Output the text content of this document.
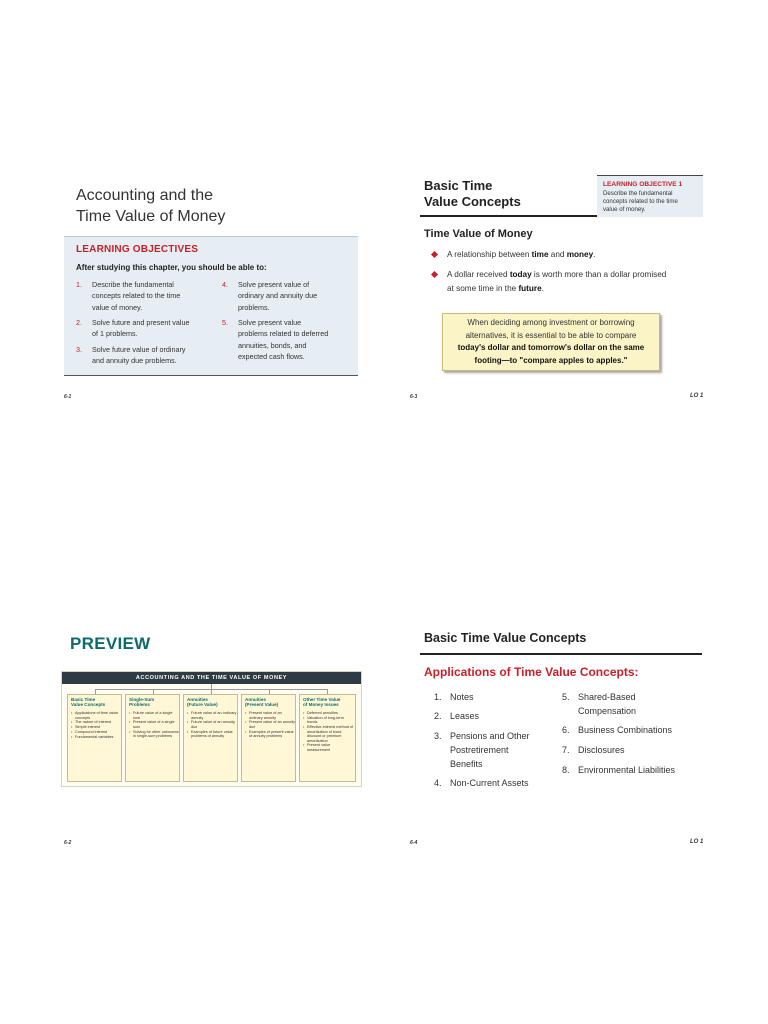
Accounting and the
Time Value of Money
LEARNING OBJECTIVES
After studying this chapter, you should be able to:
1. Describe the fundamental
concepts related to the time
value of money.
2. Solve future and present value
of 1 problems.
3. Solve future value of ordinary
and annuity due problems.
4. Solve present value of
ordinary and annuity due
problems.
5. Solve present value
problems related to deferred
annuities, bonds, and
expected cash flows.
6-1
Basic Time
Value Concepts
LEARNING OBJECTIVE 1
Describe the fundamental
concepts related to the time
value of money.
Time Value of Money
A relationship between time and money.
A dollar received today is worth more than a dollar promised at some time in the future.
When deciding among investment or borrowing
alternatives, it is essential to be able to compare
today's dollar and tomorrow's dollar on the same
footing—to "compare apples to apples."
6-3	LO 1
PREVIEW
ACCOUNTING AND THE TIME VALUE OF MONEY
Basic Time
Value Concepts
• Applications of time value concepts
• The nature of interest
• Simple interest
• Compound interest
• Fundamental variables
Single-Sum
Problems
• Future value of a single sum
• Present value of a single sum
• Solving for other unknowns in single-sum problems
Annuities
(Future Value)
• Future value of an ordinary annuity
• Future value of an annuity due
• Examples of future value problems of annuity
Annuities
(Present Value)
• Present value of an ordinary annuity
• Present value of an annuity due
• Examples of present value of annuity problems
Other Time Value
of Money Issues
• Deferred annuities
• Valuation of long-term bonds
• Effective-interest method of amortization of bond discount or premium amortization
• Present value measurement
6-2
Basic Time Value Concepts
Applications of Time Value Concepts:
1. Notes
2. Leases
3. Pensions and Other
Postretirement
Benefits
4. Non-Current Assets
5. Shared-Based
Compensation
6. Business Combinations
7. Disclosures
8. Environmental Liabilities
6-4	LO 1
